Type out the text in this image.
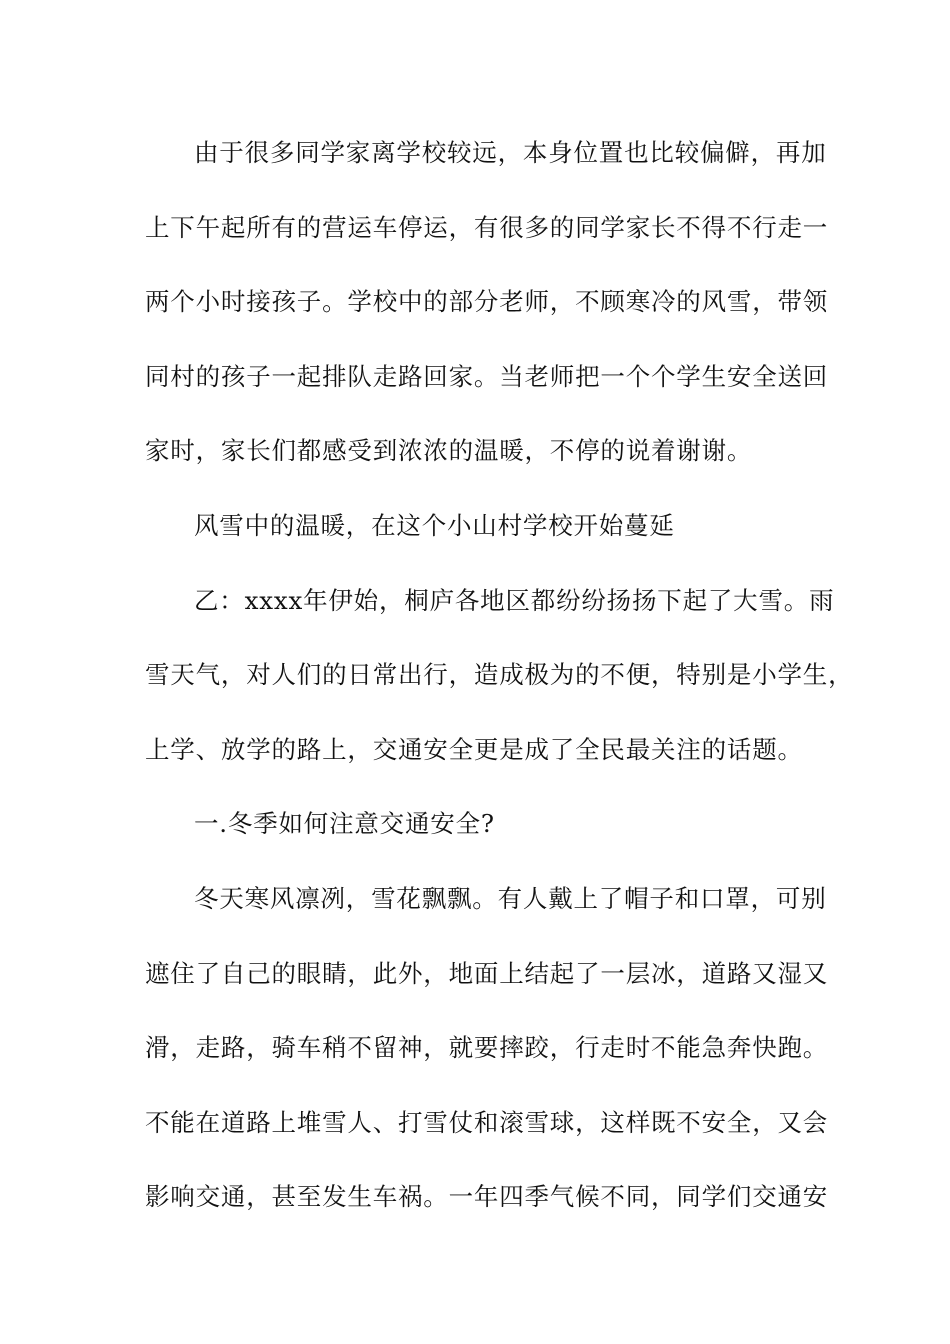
由于很多同学家离学校较远，本身位置也比较偏僻，再加
上下午起所有的营运车停运，有很多的同学家长不得不行走一
两个小时接孩子。学校中的部分老师，不顾寒冷的风雪，带领
同村的孩子一起排队走路回家。当老师把一个个学生安全送回
家时，家长们都感受到浓浓的温暖，不停的说着谢谢。
风雪中的温暖，在这个小山村学校开始蔓延
乙：xxxx年伊始，桐庐各地区都纷纷扬扬下起了大雪。雨
雪天气，对人们的日常出行，造成极为的不便，特别是小学生，
上学、放学的路上，交通安全更是成了全民最关注的话题。
一.冬季如何注意交通安全?
冬天寒风凛冽，雪花飘飘。有人戴上了帽子和口罩，可别
遮住了自己的眼睛，此外，地面上结起了一层冰，道路又湿又
滑，走路，骑车稍不留神，就要摔跤，行走时不能急奔快跑。
不能在道路上堆雪人、打雪仗和滚雪球，这样既不安全，又会
影响交通，甚至发生车祸。一年四季气候不同，同学们交通安
